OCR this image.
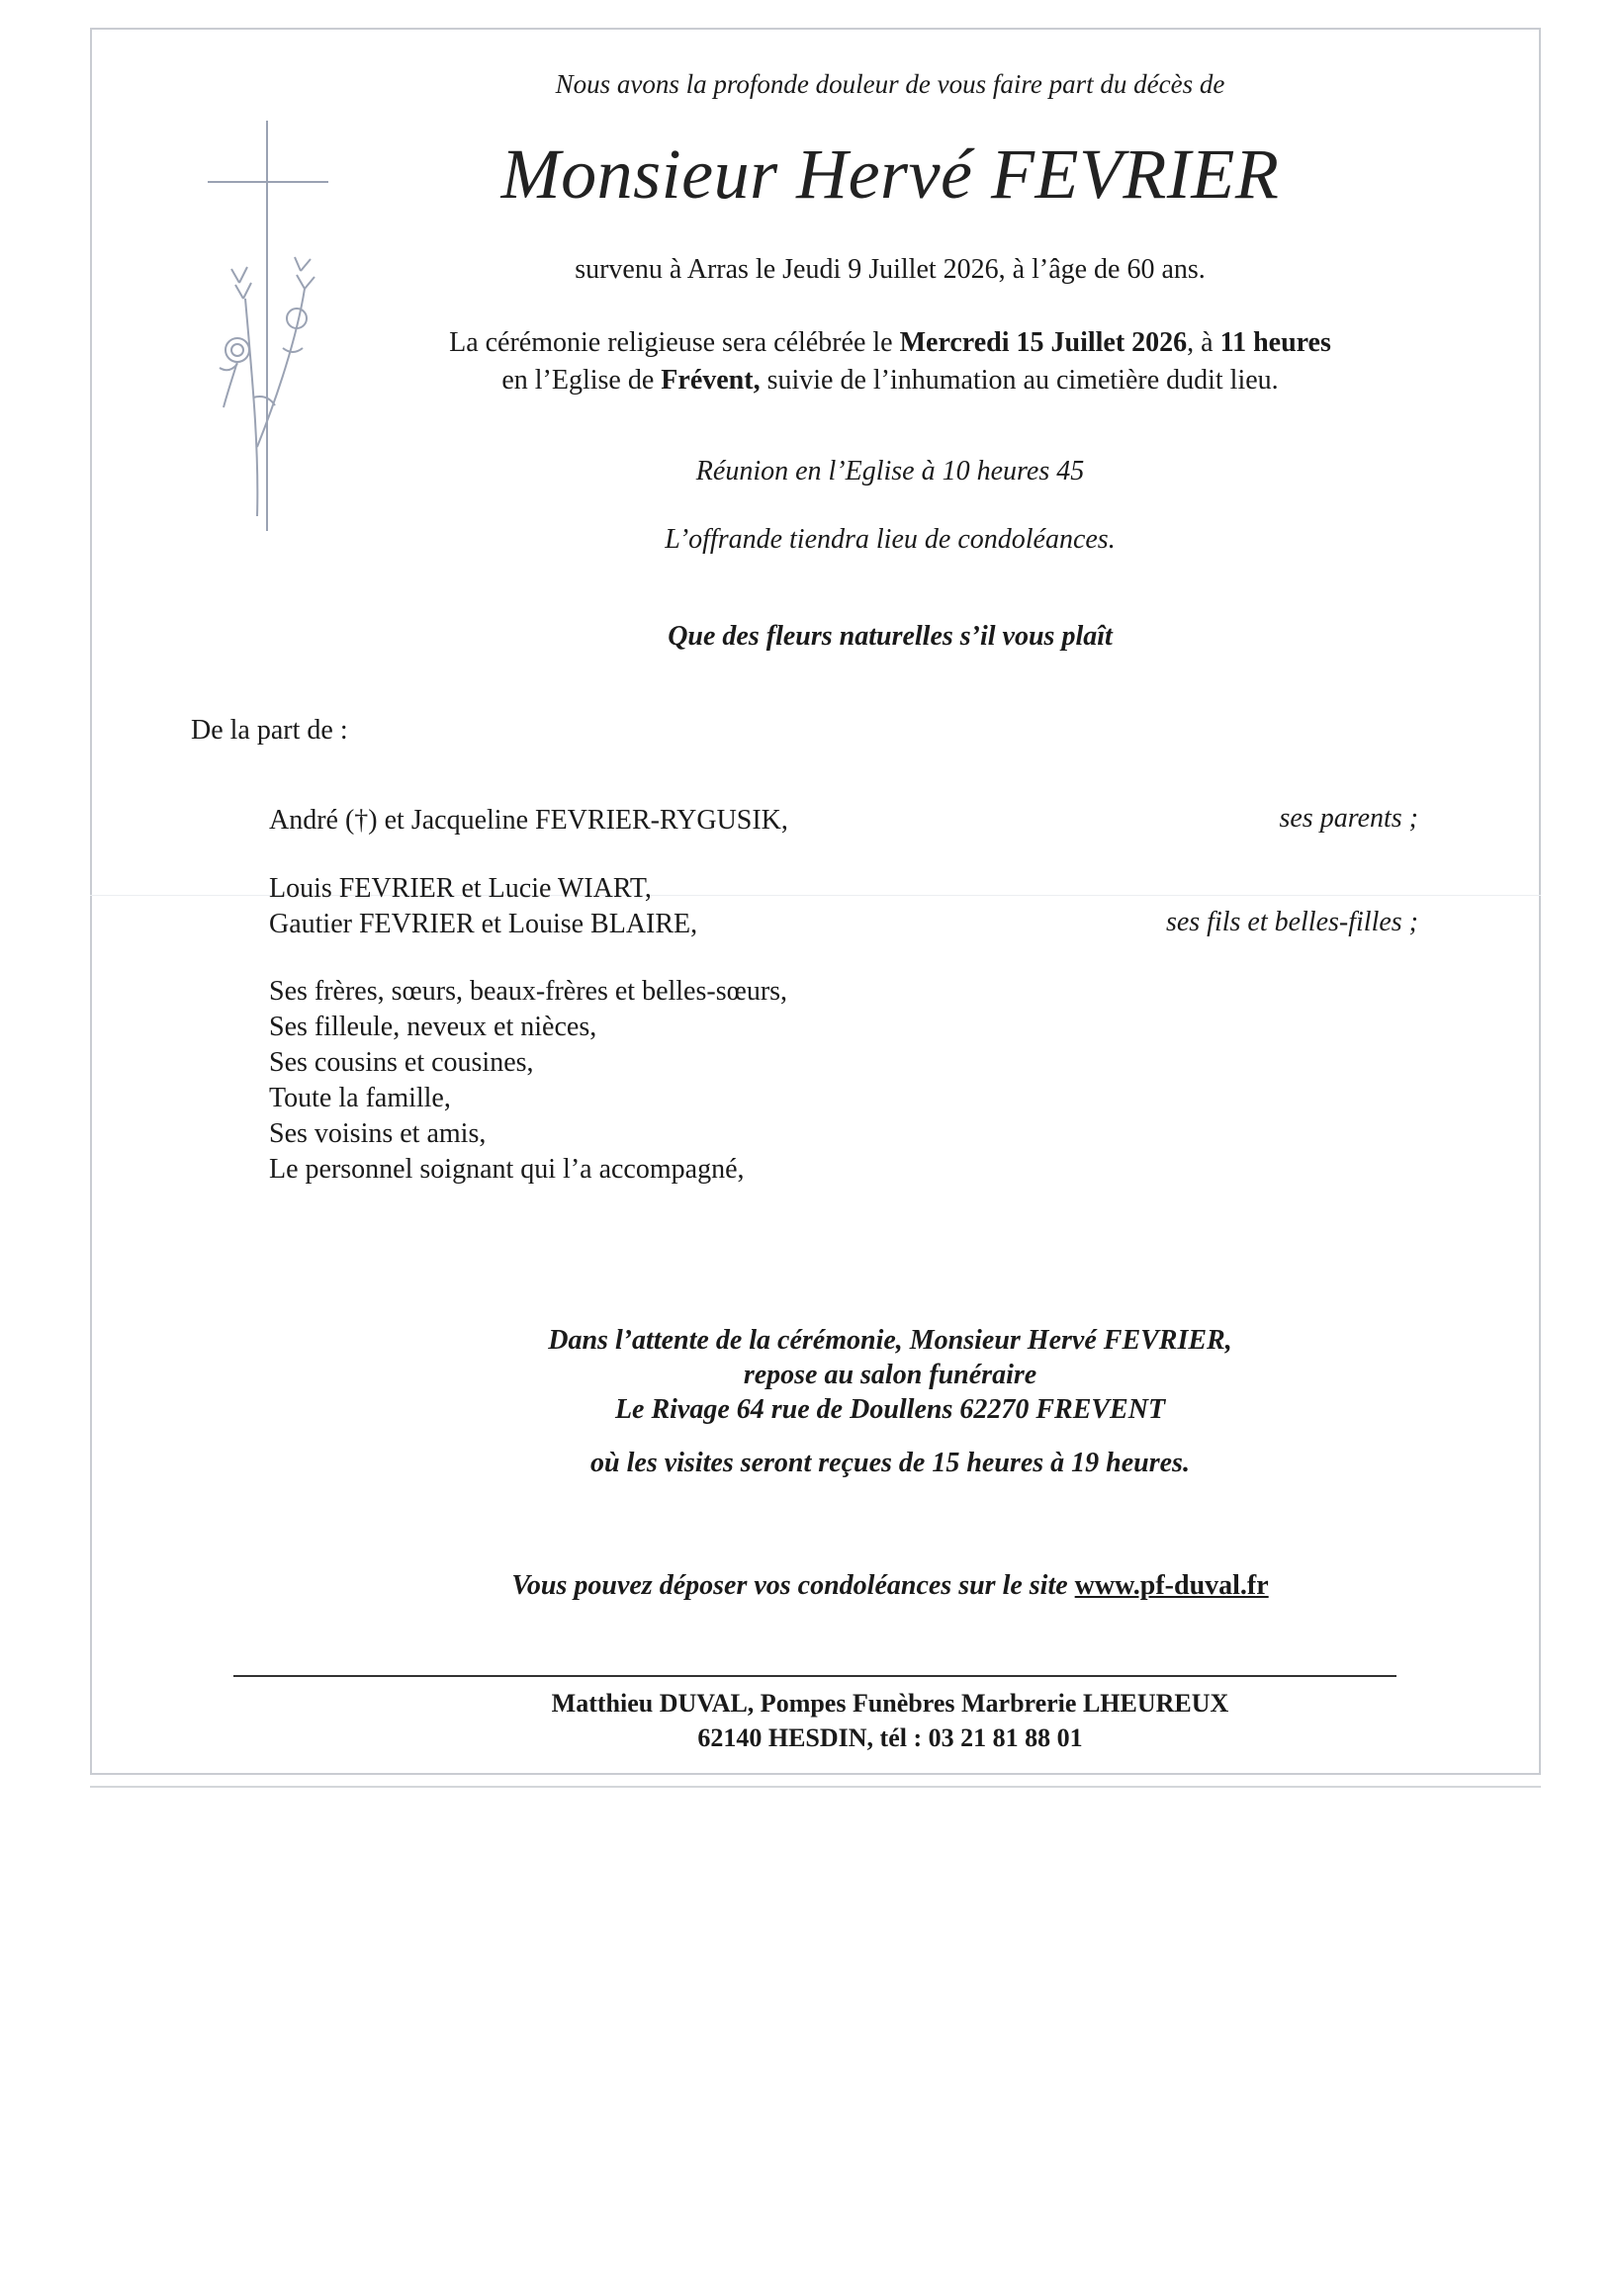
Nous avons la profonde douleur de vous faire part du décès de
Monsieur Hervé FEVRIER
survenu à Arras le Jeudi 9 Juillet 2026, à l’âge de 60 ans.
La cérémonie religieuse sera célébrée le Mercredi 15 Juillet 2026, à 11 heures
en l’Eglise de Frévent, suivie de l’inhumation au cimetière dudit lieu.
Réunion en l’Eglise à 10 heures 45
L’offrande tiendra lieu de condoléances.
Que des fleurs naturelles s’il vous plaît
De la part de :
André (†) et Jacqueline FEVRIER-RYGUSIK,	ses parents ;
Louis FEVRIER et Lucie WIART,
Gautier FEVRIER et Louise BLAIRE,	ses fils et belles-filles ;
Ses frères, sœurs, beaux-frères et belles-sœurs,
Ses filleule, neveux et nièces,
Ses cousins et cousines,
Toute la famille,
Ses voisins et amis,
Le personnel soignant qui l’a accompagné,
Dans l’attente de la cérémonie, Monsieur Hervé FEVRIER,
repose au salon funéraire
Le Rivage 64 rue de Doullens 62270 FREVENT
où les visites seront reçues de 15 heures à 19 heures.
Vous pouvez déposer vos condoléances sur le site www.pf-duval.fr
Matthieu DUVAL, Pompes Funèbres Marbrerie LHEUREUX
62140 HESDIN, tél : 03 21 81 88 01
